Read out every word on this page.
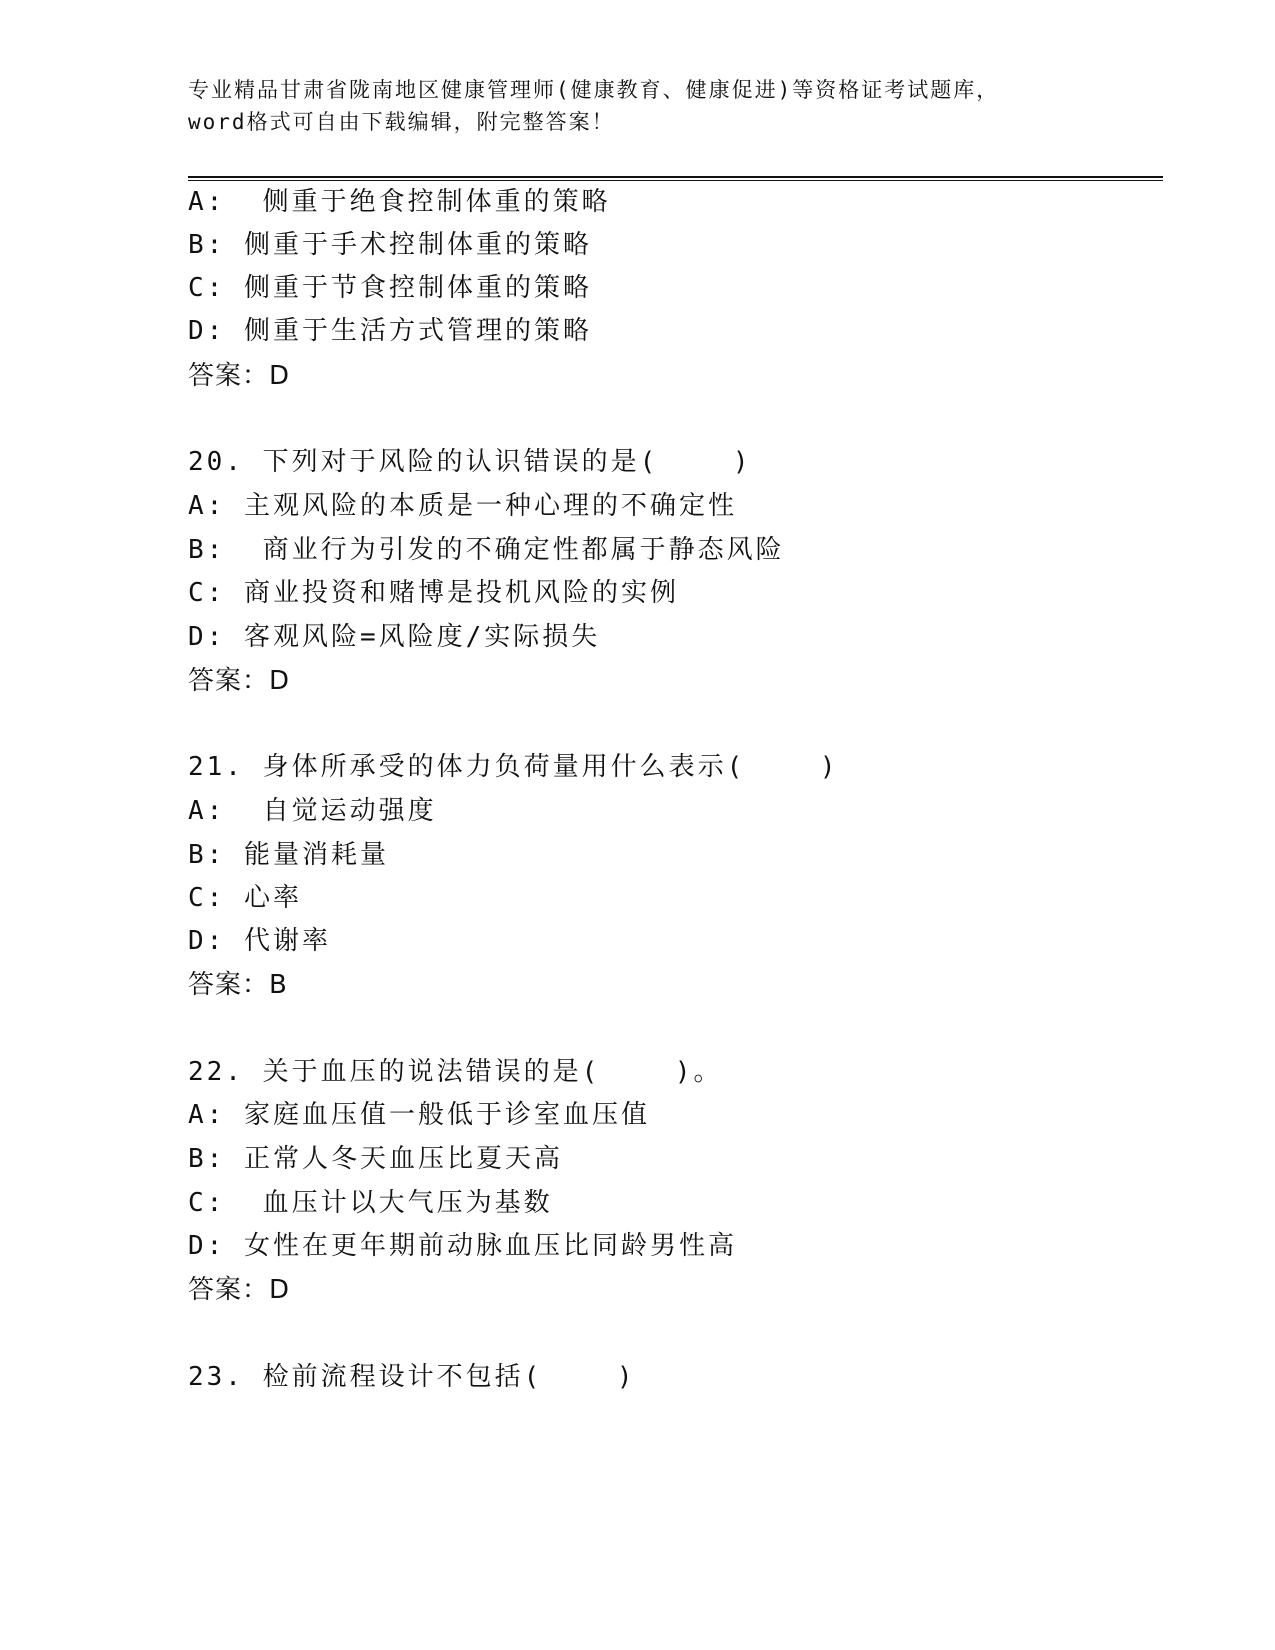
专业精品甘肃省陇南地区健康管理师(健康教育、健康促进)等资格证考试题库，
word格式可自由下载编辑，附完整答案！
A:  侧重于绝食控制体重的策略
B: 侧重于手术控制体重的策略
C: 侧重于节食控制体重的策略
D: 侧重于生活方式管理的策略
答案：D
20. 下列对于风险的认识错误的是(    )
A: 主观风险的本质是一种心理的不确定性
B:  商业行为引发的不确定性都属于静态风险
C: 商业投资和赌博是投机风险的实例
D: 客观风险=风险度/实际损失
答案：D
21. 身体所承受的体力负荷量用什么表示(    )
A:  自觉运动强度
B: 能量消耗量
C: 心率
D: 代谢率
答案：B
22. 关于血压的说法错误的是(    )。
A: 家庭血压值一般低于诊室血压值
B: 正常人冬天血压比夏天高
C:  血压计以大气压为基数
D: 女性在更年期前动脉血压比同龄男性高
答案：D
23. 检前流程设计不包括(    )
